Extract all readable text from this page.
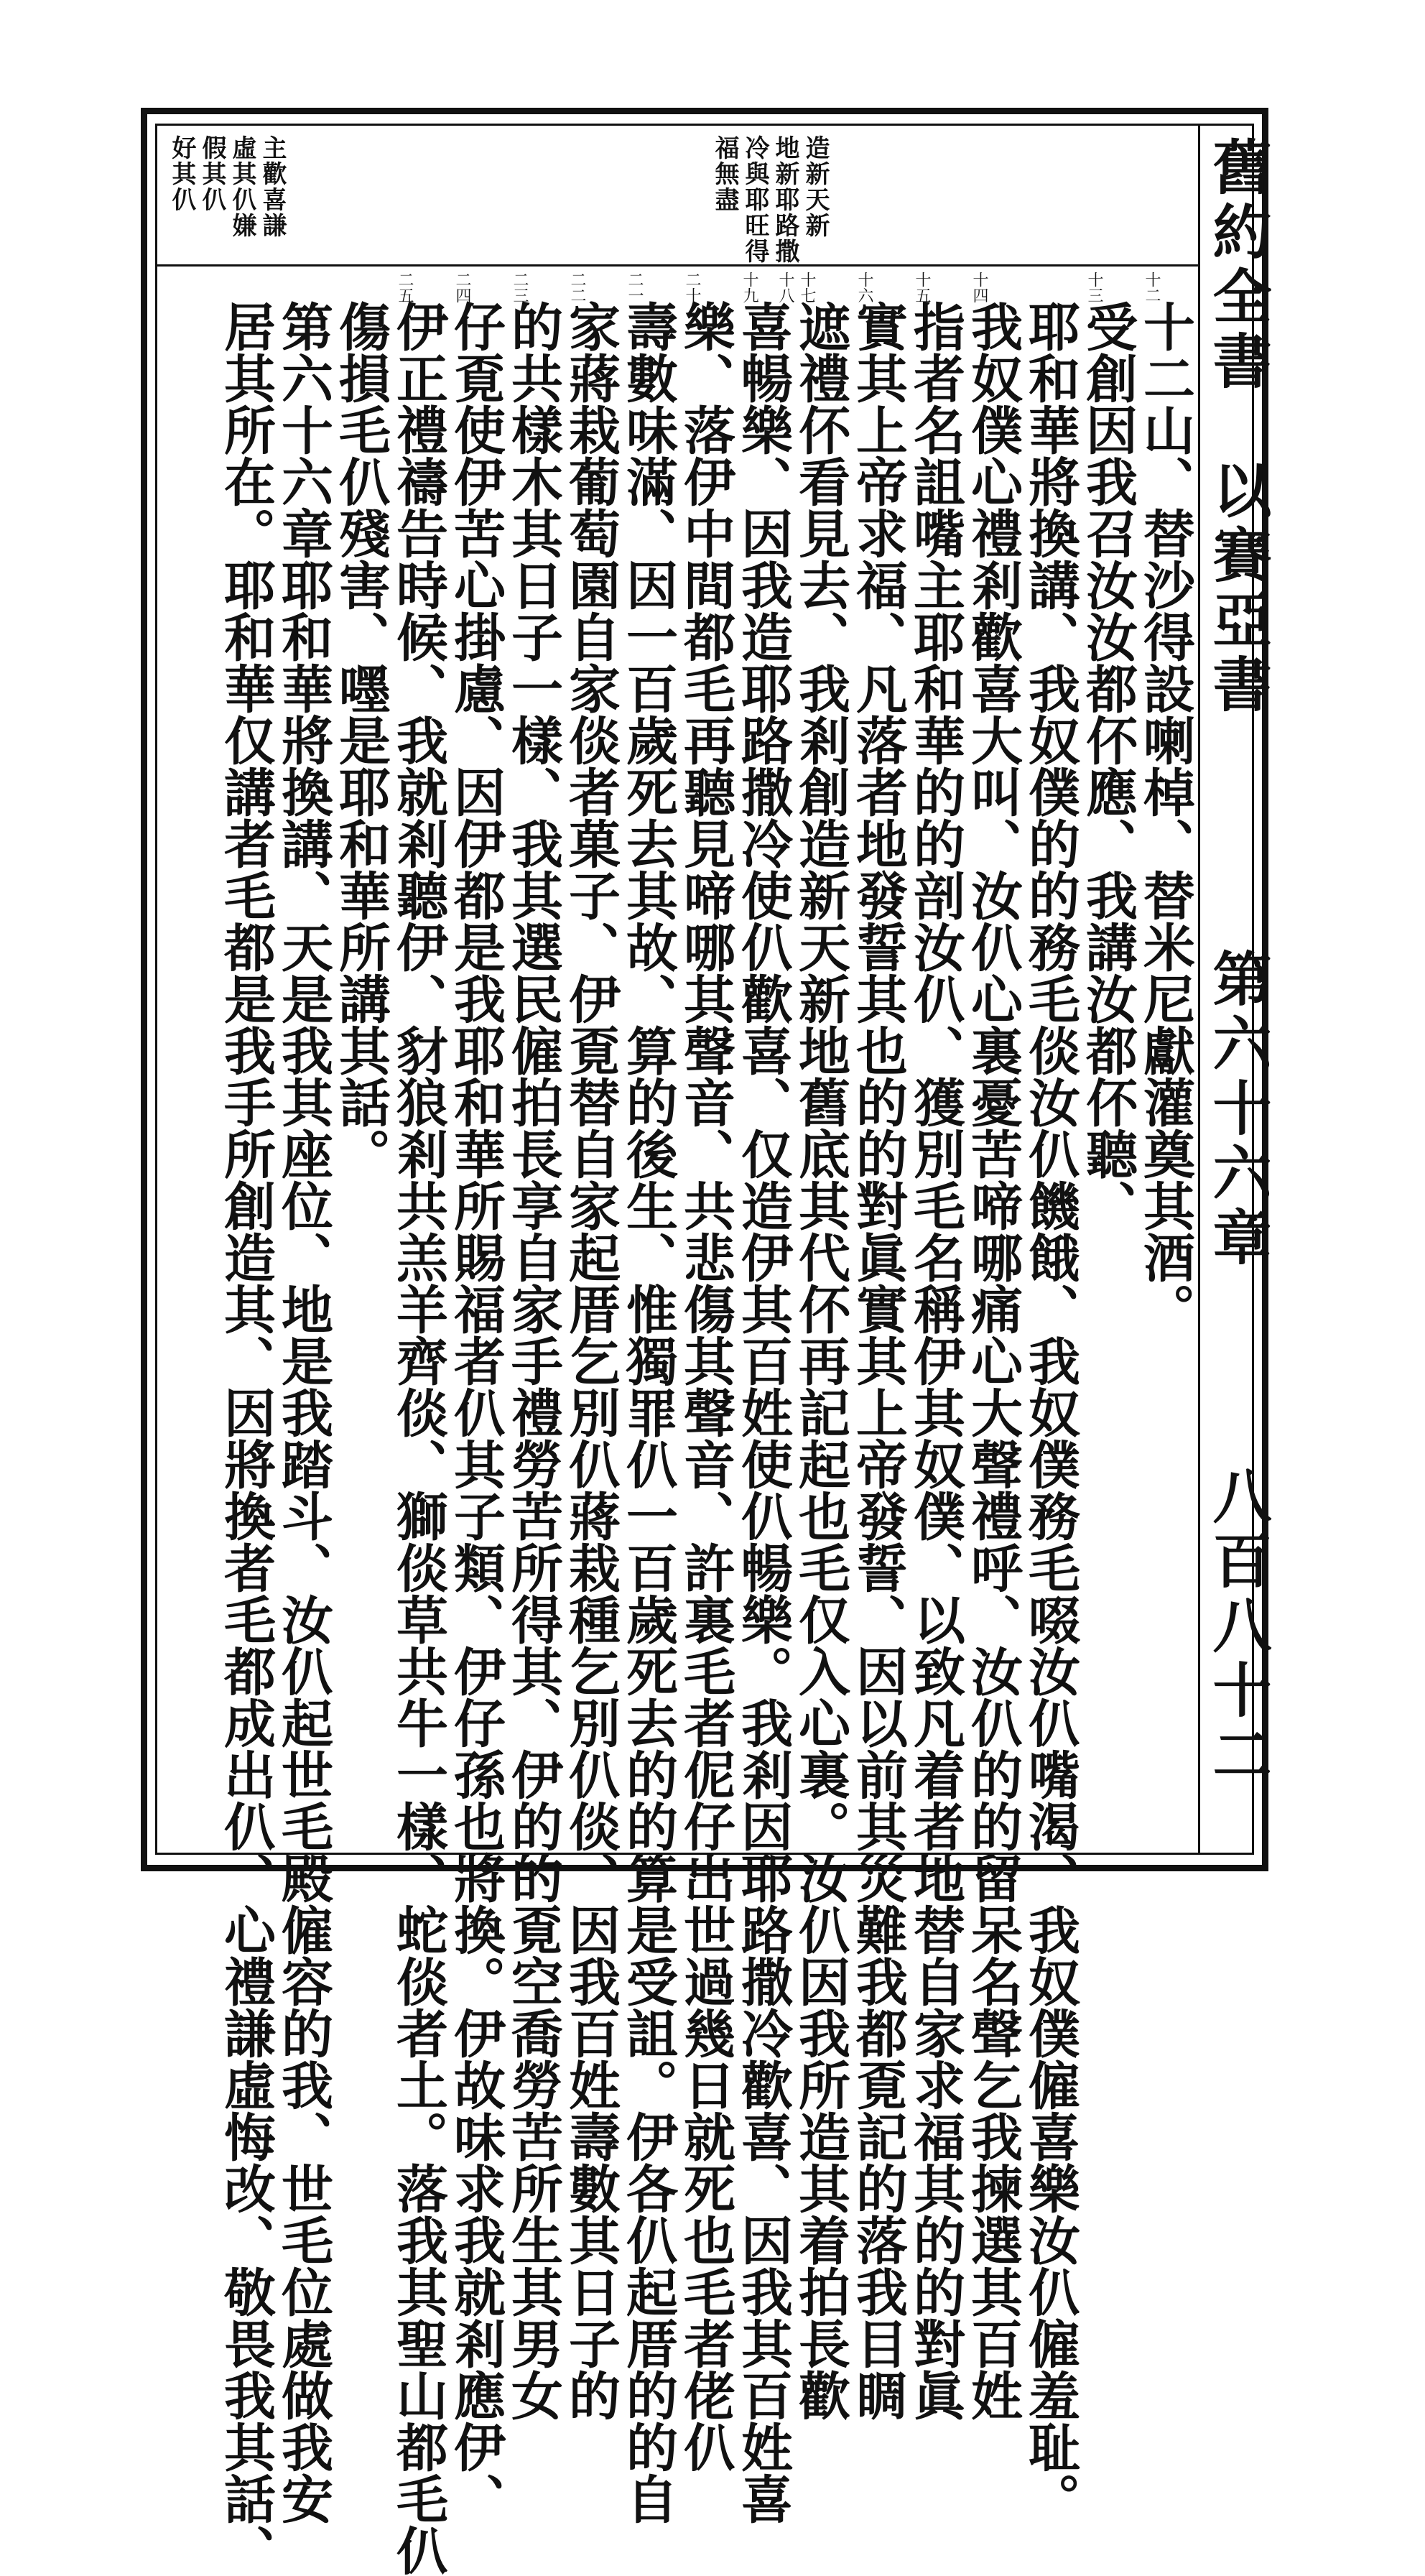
舊約全書　以賽亞書
第六十六章
八百八十二
造新天新
地新耶路撒
冷與耶旺得
福無盡
主歡喜謙
虛其仈嫌
假其仈
好其仈
十二
十三
十四
十五
十六
十七
十八
十九
二十
二一
二二
二三
二四
二五
十二山、替沙得設喇棹、替米尼獻灌奠其酒。
受創因我召汝汝都伓應、我講汝都伓聽、
耶和華將換講、我奴僕的的務毛倓汝仈饑餓、我奴僕務毛啜汝仈嘴渴、我奴僕僱喜樂汝仈僱羞耻。
我奴僕心禮剎歡喜大叫、汝仈心裏憂苦啼哪痛心大聲禮呼、汝仈的的留呆名聲乞我揀選其百姓
指者名詛嘴主耶和華的的剖汝仈、獲別毛名稱伊其奴僕、以致凡着者地替自家求福其的的對眞
實其上帝求福、凡落者地發誓其也的的對眞實其上帝發誓、因以前其災難我都覔記的落我目睭
遮禮伓看見去、我剎創造新天新地舊底其代伓再記起也毛仅入心裏。汝仈因我所造其着拍長歡
喜暢樂、因我造耶路撒冷使仈歡喜、仅造伊其百姓使仈暢樂。我剎因耶路撒冷歡喜、因我其百姓喜
樂、落伊中間都毛再聽見啼哪其聲音、共悲傷其聲音、許裏毛者伲仔出世過幾日就死也毛者佬仈
壽數味滿、因一百歲死去其故、算的後生、惟獨罪仈一百歲死去的的算是受詛。伊各仈起厝的的自
家蔣栽葡萄園自家倓者菓子、伊覔替自家起厝乞別仈蔣栽種乞別仈倓、因我百姓壽數其日子的
的共樣木其日子一樣、我其選民僱拍長享自家手禮勞苦所得其、伊的的覔空喬勞苦所生其男女
仔覔使伊苦心掛慮、因伊都是我耶和華所賜福者仈其子類、伊仔孫也將換。伊故味求我就剎應伊、
伊正禮禱告時候、我就剎聽伊、豺狼剎共羔羊齊倓、獅倓草共牛一樣、蛇倓者土。落我其聖山都毛仈
傷損毛仈殘害、嚜是耶和華所講其話。
第六十六章耶和華將換講、天是我其座位、地是我踏斗、汝仈起世毛殿僱容的我、世毛位處做我安
居其所在。耶和華仅講者毛都是我手所創造其、因將換者毛都成出仈、心禮謙虛悔改、敬畏我其話、
